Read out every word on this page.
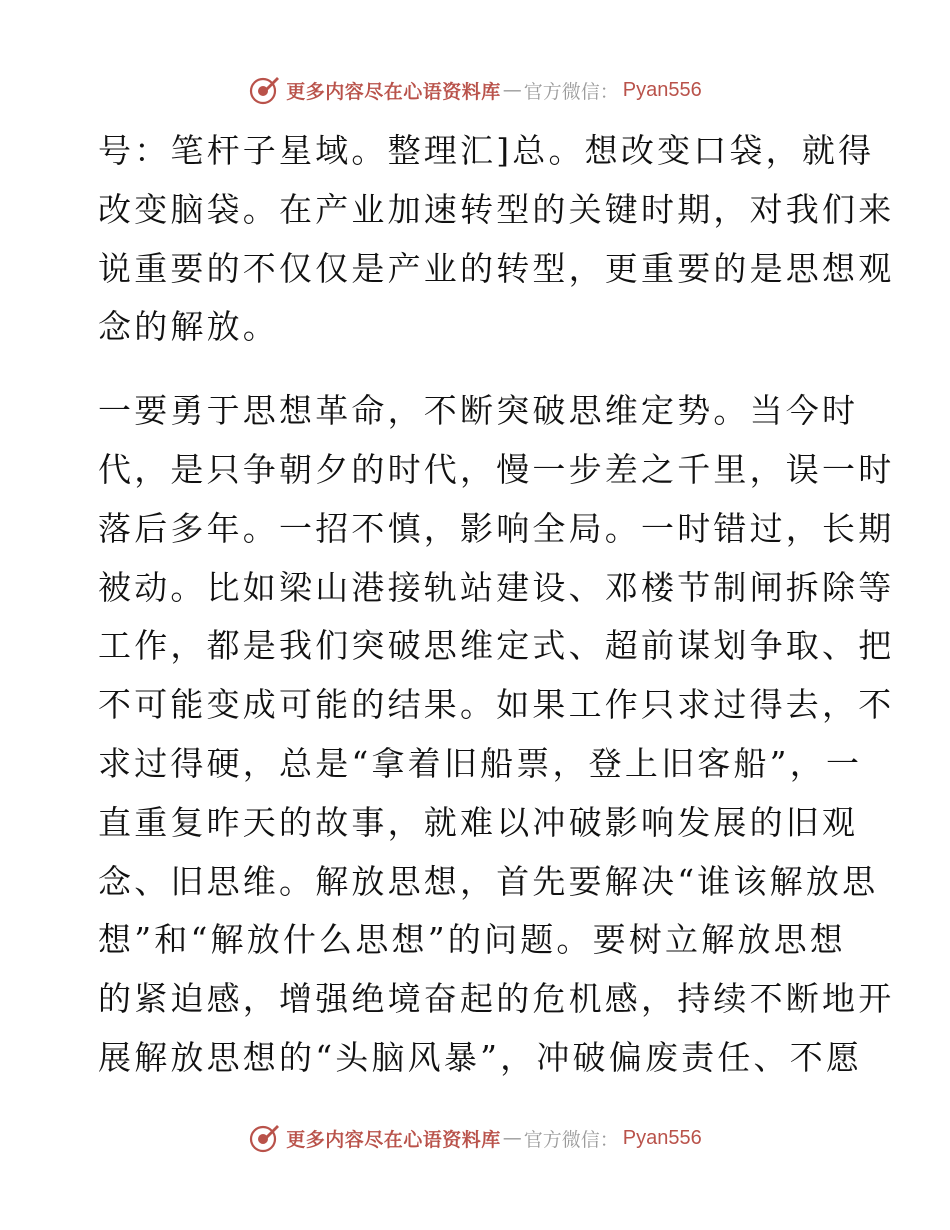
更多内容尽在心语资料库 — 官方微信： Pyan556
号：笔杆子星域。整理汇]总。想改变口袋，就得
改变脑袋。在产业加速转型的关键时期，对我们来
说重要的不仅仅是产业的转型，更重要的是思想观
念的解放。
一要勇于思想革命，不断突破思维定势。当今时
代，是只争朝夕的时代，慢一步差之千里，误一时
落后多年。一招不慎，影响全局。一时错过，长期
被动。比如梁山港接轨站建设、邓楼节制闸拆除等
工作，都是我们突破思维定式、超前谋划争取、把
不可能变成可能的结果。如果工作只求过得去，不
求过得硬，总是“拿着旧船票，登上旧客船”，一
直重复昨天的故事，就难以冲破影响发展的旧观
念、旧思维。解放思想，首先要解决“谁该解放思
想”和“解放什么思想”的问题。要树立解放思想
的紧迫感，增强绝境奋起的危机感，持续不断地开
展解放思想的“头脑风暴”，冲破偏废责任、不愿
更多内容尽在心语资料库 — 官方微信： Pyan556
